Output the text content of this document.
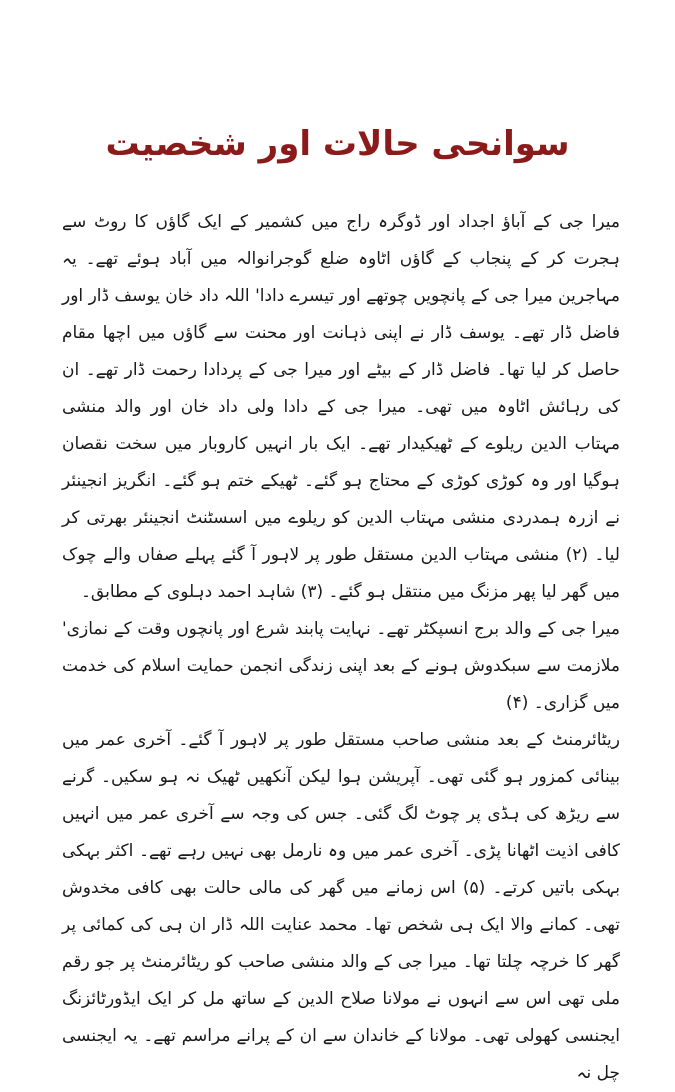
سوانحی حالات اور شخصیت

میرا جی کے آباؤ اجداد اور ڈوگرہ راج میں کشمیر کے ایک گاؤں کا روٹ سے ہجرت کر کے پنجاب کے گاؤں اٹاوہ ضلع گوجرانوالہ میں آباد ہوئے تھے۔ یہ مہاجرین میرا جی کے پانچویں چوتھے اور تیسرے دادا' اللہ داد خان یوسف ڈار اور فاضل ڈار تھے۔ یوسف ڈار نے اپنی ذہانت اور محنت سے گاؤں میں اچھا مقام حاصل کر لیا تھا۔ فاضل ڈار کے بیٹے اور میرا جی کے پردادا رحمت ڈار تھے۔ ان کی رہائش اٹاوہ میں تھی۔ میرا جی کے دادا ولی داد خان اور والد منشی مہتاب الدین ریلوے کے ٹھیکیدار تھے۔ ایک بار انہیں کاروبار میں سخت نقصان ہوگیا اور وہ کوڑی کوڑی کے محتاج ہو گئے۔ ٹھیکے ختم ہو گئے۔ انگریز انجینئر نے ازرہ ہمدردی منشی مہتاب الدین کو ریلوے میں اسسٹنٹ انجینئر بھرتی کر لیا۔ (۲) منشی مہتاب الدین مستقل طور پر لاہور آ گئے پہلے صفاں والے چوک میں گھر لیا پھر مزنگ میں منتقل ہو گئے۔ (۳) شاہد احمد دہلوی کے مطابق۔

میرا جی کے والد برج انسپکٹر تھے۔ نہایت پابند شرع اور پانچوں وقت کے نمازی' ملازمت سے سبکدوش ہونے کے بعد اپنی زندگی انجمن حمایت اسلام کی خدمت میں گزاری۔ (۴)

ریٹائرمنٹ کے بعد منشی صاحب مستقل طور پر لاہور آ گئے۔ آخری عمر میں بینائی کمزور ہو گئی تھی۔ آپریشن ہوا لیکن آنکھیں ٹھیک نہ ہو سکیں۔ گرنے سے ریڑھ کی ہڈی پر چوٹ لگ گئی۔ جس کی وجہ سے آخری عمر میں انہیں کافی اذیت اٹھانا پڑی۔ آخری عمر میں وہ نارمل بھی نہیں رہے تھے۔ اکثر بہکی بہکی باتیں کرتے۔ (۵) اس زمانے میں گھر کی مالی حالت بھی کافی مخدوش تھی۔ کمانے والا ایک ہی شخص تھا۔ محمد عنایت اللہ ڈار ان ہی کی کمائی پر گھر کا خرچہ چلتا تھا۔ میرا جی کے والد منشی صاحب کو ریٹائرمنٹ پر جو رقم ملی تھی اس سے انہوں نے مولانا صلاح الدین کے ساتھ مل کر ایک ایڈورٹائزنگ ایجنسی کھولی تھی۔ مولانا کے خاندان سے ان کے پرانے مراسم تھے۔ یہ ایجنسی چل نہ
